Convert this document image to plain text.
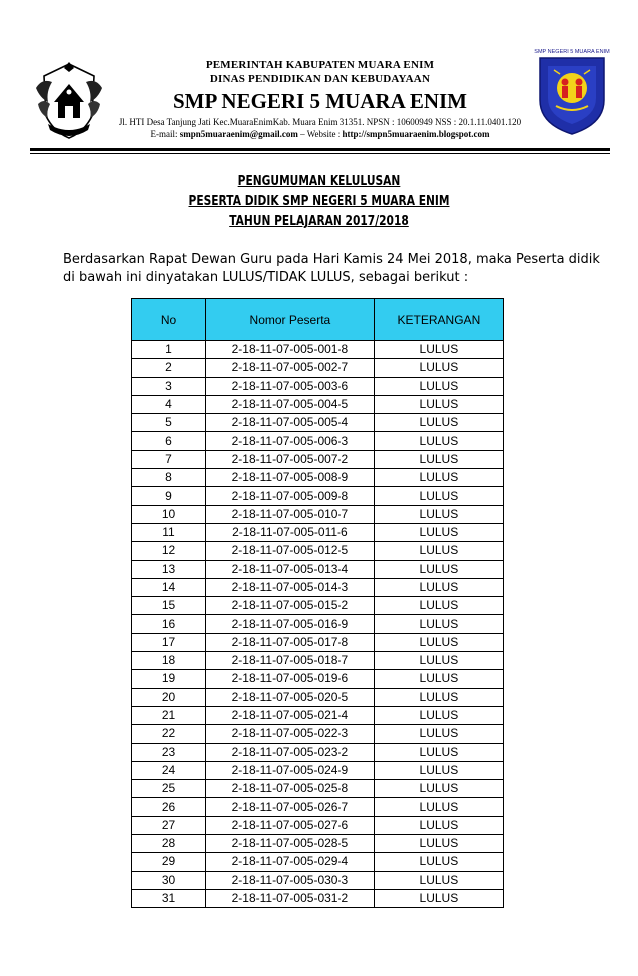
PEMERINTAH KABUPATEN MUARA ENIM
DINAS PENDIDIKAN DAN KEBUDAYAAN
SMP NEGERI 5 MUARA ENIM
Jl. HTI Desa Tanjung Jati Kec.MuaraEnimKab. Muara Enim 31351. NPSN : 10600949 NSS : 20.1.11.0401.120
E-mail: smpn5muaraenim@gmail.com – Website : http://smpn5muaraenim.blogspot.com
SMP NEGERI 5 MUARA ENIM
PENGUMUMAN KELULUSAN
PESERTA DIDIK SMP NEGERI 5 MUARA ENIM
TAHUN PELAJARAN 2017/2018
Berdasarkan Rapat Dewan Guru pada Hari Kamis 24 Mei 2018, maka Peserta didik
di bawah ini dinyatakan LULUS/TIDAK LULUS, sebagai berikut :
No	Nomor Peserta	KETERANGAN
1	2-18-11-07-005-001-8	LULUS
2	2-18-11-07-005-002-7	LULUS
3	2-18-11-07-005-003-6	LULUS
4	2-18-11-07-005-004-5	LULUS
5	2-18-11-07-005-005-4	LULUS
6	2-18-11-07-005-006-3	LULUS
7	2-18-11-07-005-007-2	LULUS
8	2-18-11-07-005-008-9	LULUS
9	2-18-11-07-005-009-8	LULUS
10	2-18-11-07-005-010-7	LULUS
11	2-18-11-07-005-011-6	LULUS
12	2-18-11-07-005-012-5	LULUS
13	2-18-11-07-005-013-4	LULUS
14	2-18-11-07-005-014-3	LULUS
15	2-18-11-07-005-015-2	LULUS
16	2-18-11-07-005-016-9	LULUS
17	2-18-11-07-005-017-8	LULUS
18	2-18-11-07-005-018-7	LULUS
19	2-18-11-07-005-019-6	LULUS
20	2-18-11-07-005-020-5	LULUS
21	2-18-11-07-005-021-4	LULUS
22	2-18-11-07-005-022-3	LULUS
23	2-18-11-07-005-023-2	LULUS
24	2-18-11-07-005-024-9	LULUS
25	2-18-11-07-005-025-8	LULUS
26	2-18-11-07-005-026-7	LULUS
27	2-18-11-07-005-027-6	LULUS
28	2-18-11-07-005-028-5	LULUS
29	2-18-11-07-005-029-4	LULUS
30	2-18-11-07-005-030-3	LULUS
31	2-18-11-07-005-031-2	LULUS
